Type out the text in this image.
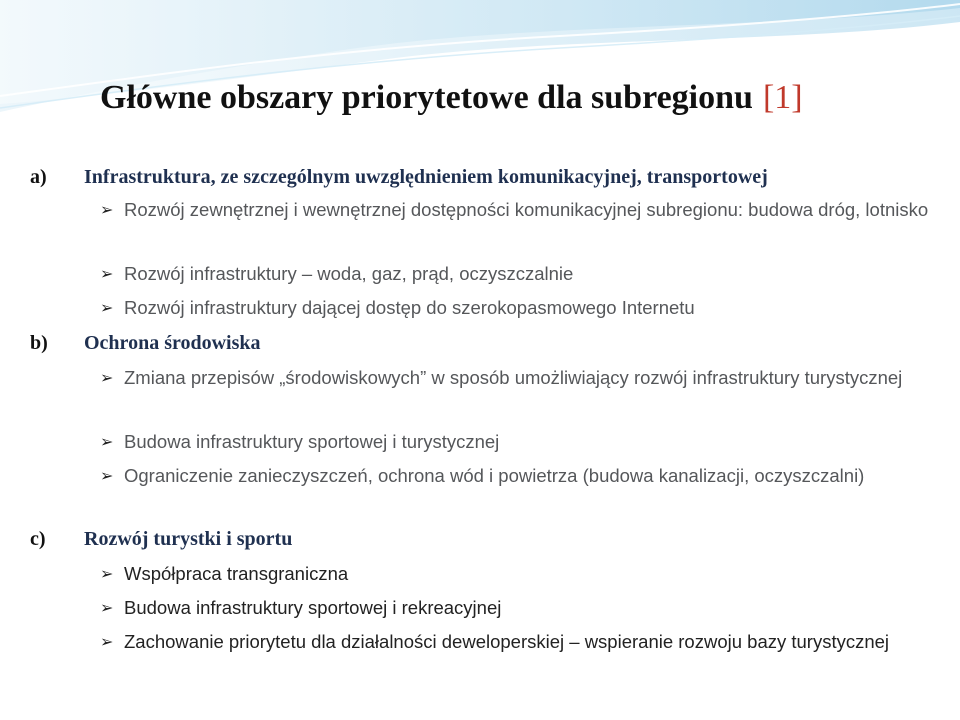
Główne obszary priorytetowe dla subregionu [1]
a) Infrastruktura, ze szczególnym uwzględnieniem komunikacyjnej, transportowej
➢ Rozwój zewnętrznej i wewnętrznej dostępności komunikacyjnej subregionu: budowa dróg, lotnisko
➢ Rozwój infrastruktury – woda, gaz, prąd, oczyszczalnie
➢ Rozwój infrastruktury dającej dostęp do szerokopasmowego Internetu
b) Ochrona środowiska
➢ Zmiana przepisów „środowiskowych” w sposób umożliwiający rozwój infrastruktury turystycznej
➢ Budowa infrastruktury sportowej i turystycznej
➢ Ograniczenie zanieczyszczeń, ochrona wód i powietrza (budowa kanalizacji, oczyszczalni)
c) Rozwój turystki i sportu
➢ Współpraca transgraniczna
➢ Budowa infrastruktury sportowej i rekreacyjnej
➢ Zachowanie priorytetu dla działalności deweloperskiej – wspieranie rozwoju bazy turystycznej
